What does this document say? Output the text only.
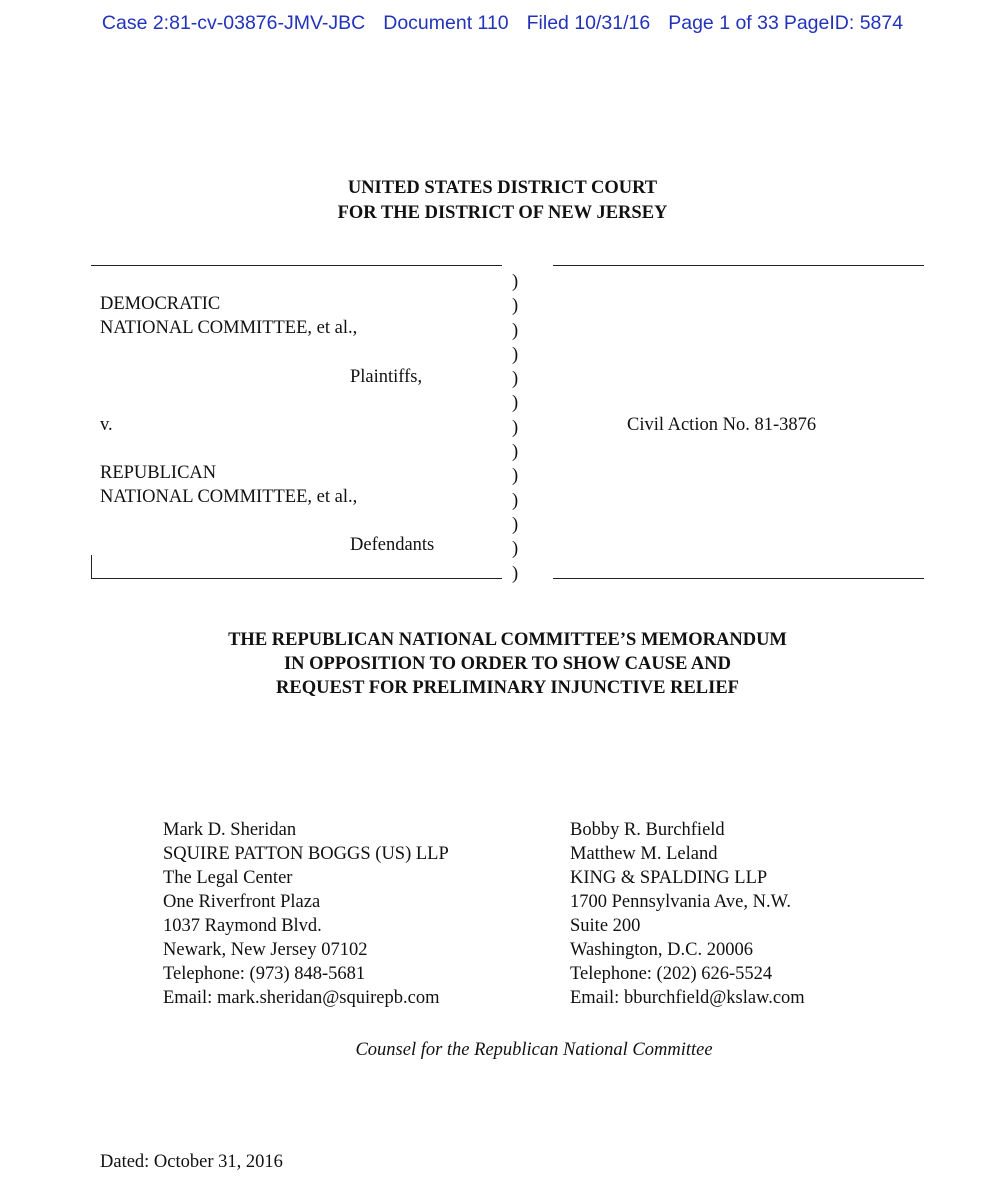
Case 2:81-cv-03876-JMV-JBC Document 110 Filed 10/31/16 Page 1 of 33 PageID: 5874
UNITED STATES DISTRICT COURT
FOR THE DISTRICT OF NEW JERSEY
DEMOCRATIC
NATIONAL COMMITTEE, et al.,
Plaintiffs,
v.
REPUBLICAN
NATIONAL COMMITTEE, et al.,
Defendants
)
)
)
)
)
)
)
)
)
)
)
)
)
Civil Action No. 81-3876
THE REPUBLICAN NATIONAL COMMITTEE’S MEMORANDUM
IN OPPOSITION TO ORDER TO SHOW CAUSE AND
REQUEST FOR PRELIMINARY INJUNCTIVE RELIEF
Mark D. Sheridan
SQUIRE PATTON BOGGS (US) LLP
The Legal Center
One Riverfront Plaza
1037 Raymond Blvd.
Newark, New Jersey 07102
Telephone: (973) 848-5681
Email: mark.sheridan@squirepb.com
Bobby R. Burchfield
Matthew M. Leland
KING & SPALDING LLP
1700 Pennsylvania Ave, N.W.
Suite 200
Washington, D.C. 20006
Telephone: (202) 626-5524
Email: bburchfield@kslaw.com
Counsel for the Republican National Committee
Dated: October 31, 2016
